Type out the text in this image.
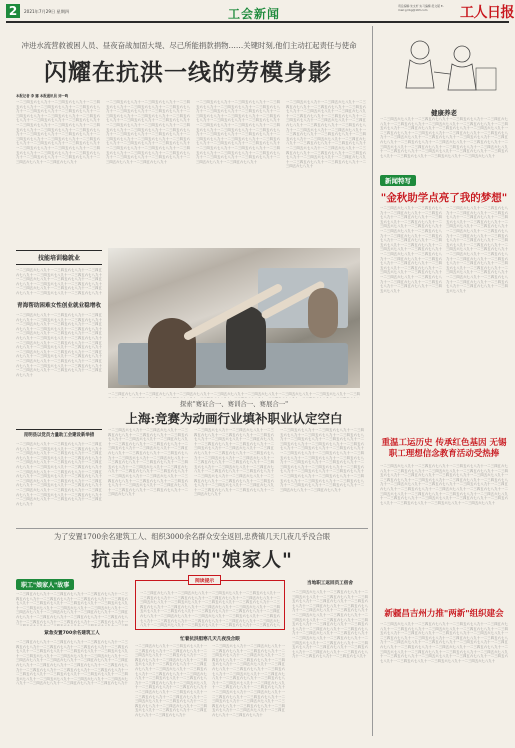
2	2021年7月29日 星期四	工会新闻
责任编辑:朱文轩 实习编辑:吴文韬 E-mail:grrbg@163.com	工人日报
冲进水流营救被困人员、昼夜奋战加固大堤、尽己所能捐款捐物……关键时刻,他们主动扛起责任与使命
闪耀在抗洪一线的劳模身影
本报记者 李 娜 本报通讯员 刘一鸣
一二三四五六七八九十一二三四五六七八九十一二三四五六七八九十一二三四五六七八九十一二三四五六七八九十一二三四五六七八九十一二三四五六七八九十一二三四五六七八九十一二三四五六七八九十一二三四五六七八九十一二三四五六七八九十一二三四五六七八九十一二三四五六七八九十一二三四五六七八九十一二三四五六七八九十一二三四五六七八九十一二三四五六七八九十一二三四五六七八九十一二三四五六七八九十一二三四五六七八九十一二三四五六七八九十一二三四五六七八九十一二三四五六七八九十一二三四五六七八九十一二三四五六七八九十一二三四五六七八九十一二三四五六七八九十一二三四五六七八九十一二三四五六七八九十一二三四五六七八九十一二三四五六七八九十一二三四五六七八九十一二三四五六七八九十
一二三四五六七八九十一二三四五六七八九十一二三四五六七八九十一二三四五六七八九十一二三四五六七八九十一二三四五六七八九十一二三四五六七八九十一二三四五六七八九十一二三四五六七八九十一二三四五六七八九十一二三四五六七八九十一二三四五六七八九十一二三四五六七八九十一二三四五六七八九十一二三四五六七八九十一二三四五六七八九十一二三四五六七八九十一二三四五六七八九十一二三四五六七八九十一二三四五六七八九十一二三四五六七八九十一二三四五六七八九十一二三四五六七八九十一二三四五六七八九十一二三四五六七八九十一二三四五六七八九十一二三四五六七八九十一二三四五六七八九十一二三四五六七八九十一二三四五六七八九十一二三四五六七八九十一二三四五六七八九十一二三四五六七八九十
一二三四五六七八九十一二三四五六七八九十一二三四五六七八九十一二三四五六七八九十一二三四五六七八九十一二三四五六七八九十一二三四五六七八九十一二三四五六七八九十一二三四五六七八九十一二三四五六七八九十一二三四五六七八九十一二三四五六七八九十一二三四五六七八九十一二三四五六七八九十一二三四五六七八九十一二三四五六七八九十一二三四五六七八九十一二三四五六七八九十一二三四五六七八九十一二三四五六七八九十一二三四五六七八九十一二三四五六七八九十一二三四五六七八九十一二三四五六七八九十一二三四五六七八九十一二三四五六七八九十一二三四五六七八九十一二三四五六七八九十一二三四五六七八九十一二三四五六七八九十一二三四五六七八九十一二三四五六七八九十一二三四五六七八九十
一二三四五六七八九十一二三四五六七八九十一二三四五六七八九十一二三四五六七八九十一二三四五六七八九十一二三四五六七八九十一二三四五六七八九十一二三四五六七八九十一二三四五六七八九十一二三四五六七八九十一二三四五六七八九十一二三四五六七八九十一二三四五六七八九十一二三四五六七八九十一二三四五六七八九十一二三四五六七八九十一二三四五六七八九十一二三四五六七八九十一二三四五六七八九十一二三四五六七八九十一二三四五六七八九十一二三四五六七八九十一二三四五六七八九十一二三四五六七八九十一二三四五六七八九十一二三四五六七八九十一二三四五六七八九十一二三四五六七八九十一二三四五六七八九十一二三四五六七八九十一二三四五六七八九十一二三四五六七八九十一二三四五六七八九十
技能培训稳就业
一二三四五六七八九十一二三四五六七八九十一二三四五六七八九十一二三四五六七八九十一二三四五六七八九十一二三四五六七八九十一二三四五六七八九十一二三四五六七八九十一二三四五六七八九十一二三四五六七八九十一二三四五六七八九十一二三四五六七八九十一二三四五六七八九十一二三四五六七八九十一二三四五六七八九十一二三四五六七八九十一二三四五六七八九十一二三四五六七八九十一二三四五六七八九十一二三四五六七八九十一二三四五六七八九十一二三四五六七八九十一二三四五六七八九十一二三四五六七八九十一二三四五六七八九十一二三四五六七八九十一二三四五六七八九十一二三四五六七八九十一二三四五六七八九十一二三四五六七八九十一二三四五六七八九十一二三四五六七八九十一二三四五六七八九十
青海帮助困难女性创业就业稳增收
一二三四五六七八九十一二三四五六七八九十一二三四五六七八九十一二三四五六七八九十一二三四五六七八九十一二三四五六七八九十一二三四五六七八九十一二三四五六七八九十一二三四五六七八九十一二三四五六七八九十一二三四五六七八九十一二三四五六七八九十一二三四五六七八九十一二三四五六七八九十一二三四五六七八九十一二三四五六七八九十一二三四五六七八九十一二三四五六七八九十一二三四五六七八九十一二三四五六七八九十一二三四五六七八九十一二三四五六七八九十一二三四五六七八九十一二三四五六七八九十一二三四五六七八九十一二三四五六七八九十一二三四五六七八九十一二三四五六七八九十一二三四五六七八九十一二三四五六七八九十一二三四五六七八九十一二三四五六七八九十一二三四五六七八九十
昆明县以党员力量助工会建设新举措
一二三四五六七八九十一二三四五六七八九十一二三四五六七八九十一二三四五六七八九十一二三四五六七八九十一二三四五六七八九十一二三四五六七八九十一二三四五六七八九十一二三四五六七八九十一二三四五六七八九十一二三四五六七八九十一二三四五六七八九十一二三四五六七八九十一二三四五六七八九十一二三四五六七八九十一二三四五六七八九十一二三四五六七八九十一二三四五六七八九十一二三四五六七八九十一二三四五六七八九十一二三四五六七八九十一二三四五六七八九十一二三四五六七八九十一二三四五六七八九十一二三四五六七八九十一二三四五六七八九十一二三四五六七八九十一二三四五六七八九十一二三四五六七八九十一二三四五六七八九十一二三四五六七八九十一二三四五六七八九十一二三四五六七八九十
一二三四五六七八九十一二三四五六七八九十一二三四五六七八九十一二三四五六七八九十一二三四五六七八九十一二三四五六七八九十一二三四五六七八九十一二三四五六七八九十一二三四五六七八九十一二三四五六七八九十一二三四五六七八九十一二三四五六七八九十一二三四五六七八九十一二三四五六七八九十一二三四五六七八九十一二三四五六七八九十一二三四五六七八九十一二三四五六七八九十一二三四五六七八九十一二三四五六七八九十一二三四五六七八九十一二三四五六七八九十一二三四五六七八九十一二三四五六七八九十一二三四五六七八九十一二三四五六七八九十一二三四五六七八九十一二三四五六七八九十一二三四五六七八九十一二三四五六七八九十一二三四五六七八九十一二三四五六七八九十一二三四五六七八九十
探索"赛证合一、赛训合一、赛展合一"
上海:竞赛为动画行业填补职业认定空白
一二三四五六七八九十一二三四五六七八九十一二三四五六七八九十一二三四五六七八九十一二三四五六七八九十一二三四五六七八九十一二三四五六七八九十一二三四五六七八九十一二三四五六七八九十一二三四五六七八九十一二三四五六七八九十一二三四五六七八九十一二三四五六七八九十一二三四五六七八九十一二三四五六七八九十一二三四五六七八九十一二三四五六七八九十一二三四五六七八九十一二三四五六七八九十一二三四五六七八九十一二三四五六七八九十一二三四五六七八九十一二三四五六七八九十一二三四五六七八九十一二三四五六七八九十一二三四五六七八九十一二三四五六七八九十一二三四五六七八九十一二三四五六七八九十一二三四五六七八九十一二三四五六七八九十一二三四五六七八九十一二三四五六七八九十
一二三四五六七八九十一二三四五六七八九十一二三四五六七八九十一二三四五六七八九十一二三四五六七八九十一二三四五六七八九十一二三四五六七八九十一二三四五六七八九十一二三四五六七八九十一二三四五六七八九十一二三四五六七八九十一二三四五六七八九十一二三四五六七八九十一二三四五六七八九十一二三四五六七八九十一二三四五六七八九十一二三四五六七八九十一二三四五六七八九十一二三四五六七八九十一二三四五六七八九十一二三四五六七八九十一二三四五六七八九十一二三四五六七八九十一二三四五六七八九十一二三四五六七八九十一二三四五六七八九十一二三四五六七八九十一二三四五六七八九十一二三四五六七八九十一二三四五六七八九十一二三四五六七八九十一二三四五六七八九十一二三四五六七八九十
一二三四五六七八九十一二三四五六七八九十一二三四五六七八九十一二三四五六七八九十一二三四五六七八九十一二三四五六七八九十一二三四五六七八九十一二三四五六七八九十一二三四五六七八九十一二三四五六七八九十一二三四五六七八九十一二三四五六七八九十一二三四五六七八九十一二三四五六七八九十一二三四五六七八九十一二三四五六七八九十一二三四五六七八九十一二三四五六七八九十一二三四五六七八九十一二三四五六七八九十一二三四五六七八九十一二三四五六七八九十一二三四五六七八九十一二三四五六七八九十一二三四五六七八九十一二三四五六七八九十一二三四五六七八九十一二三四五六七八九十一二三四五六七八九十一二三四五六七八九十一二三四五六七八九十一二三四五六七八九十一二三四五六七八九十
健康养老
一二三四五六七八九十一二三四五六七八九十一二三四五六七八九十一二三四五六七八九十一二三四五六七八九十一二三四五六七八九十一二三四五六七八九十一二三四五六七八九十一二三四五六七八九十一二三四五六七八九十一二三四五六七八九十一二三四五六七八九十一二三四五六七八九十一二三四五六七八九十一二三四五六七八九十一二三四五六七八九十一二三四五六七八九十一二三四五六七八九十一二三四五六七八九十一二三四五六七八九十一二三四五六七八九十一二三四五六七八九十一二三四五六七八九十一二三四五六七八九十一二三四五六七八九十一二三四五六七八九十一二三四五六七八九十一二三四五六七八九十一二三四五六七八九十一二三四五六七八九十一二三四五六七八九十一二三四五六七八九十一二三四五六七八九十
新闻特写
"金秋助学点亮了我的梦想"
一二三四五六七八九十一二三四五六七八九十一二三四五六七八九十一二三四五六七八九十一二三四五六七八九十一二三四五六七八九十一二三四五六七八九十一二三四五六七八九十一二三四五六七八九十一二三四五六七八九十一二三四五六七八九十一二三四五六七八九十一二三四五六七八九十一二三四五六七八九十一二三四五六七八九十一二三四五六七八九十一二三四五六七八九十一二三四五六七八九十一二三四五六七八九十一二三四五六七八九十一二三四五六七八九十一二三四五六七八九十一二三四五六七八九十一二三四五六七八九十一二三四五六七八九十一二三四五六七八九十一二三四五六七八九十一二三四五六七八九十一二三四五六七八九十一二三四五六七八九十一二三四五六七八九十一二三四五六七八九十一二三四五六七八九十
一二三四五六七八九十一二三四五六七八九十一二三四五六七八九十一二三四五六七八九十一二三四五六七八九十一二三四五六七八九十一二三四五六七八九十一二三四五六七八九十一二三四五六七八九十一二三四五六七八九十一二三四五六七八九十一二三四五六七八九十一二三四五六七八九十一二三四五六七八九十一二三四五六七八九十一二三四五六七八九十一二三四五六七八九十一二三四五六七八九十一二三四五六七八九十一二三四五六七八九十一二三四五六七八九十一二三四五六七八九十一二三四五六七八九十一二三四五六七八九十一二三四五六七八九十一二三四五六七八九十一二三四五六七八九十一二三四五六七八九十一二三四五六七八九十一二三四五六七八九十一二三四五六七八九十一二三四五六七八九十一二三四五六七八九十
重温工运历史 传承红色基因 无锡职工理想信念教育活动受热捧
一二三四五六七八九十一二三四五六七八九十一二三四五六七八九十一二三四五六七八九十一二三四五六七八九十一二三四五六七八九十一二三四五六七八九十一二三四五六七八九十一二三四五六七八九十一二三四五六七八九十一二三四五六七八九十一二三四五六七八九十一二三四五六七八九十一二三四五六七八九十一二三四五六七八九十一二三四五六七八九十一二三四五六七八九十一二三四五六七八九十一二三四五六七八九十一二三四五六七八九十一二三四五六七八九十一二三四五六七八九十一二三四五六七八九十一二三四五六七八九十一二三四五六七八九十一二三四五六七八九十一二三四五六七八九十一二三四五六七八九十一二三四五六七八九十一二三四五六七八九十一二三四五六七八九十一二三四五六七八九十一二三四五六七八九十
新疆昌吉州力推"两新"组织建会
一二三四五六七八九十一二三四五六七八九十一二三四五六七八九十一二三四五六七八九十一二三四五六七八九十一二三四五六七八九十一二三四五六七八九十一二三四五六七八九十一二三四五六七八九十一二三四五六七八九十一二三四五六七八九十一二三四五六七八九十一二三四五六七八九十一二三四五六七八九十一二三四五六七八九十一二三四五六七八九十一二三四五六七八九十一二三四五六七八九十一二三四五六七八九十一二三四五六七八九十一二三四五六七八九十一二三四五六七八九十一二三四五六七八九十一二三四五六七八九十一二三四五六七八九十一二三四五六七八九十一二三四五六七八九十一二三四五六七八九十一二三四五六七八九十一二三四五六七八九十一二三四五六七八九十一二三四五六七八九十一二三四五六七八九十
为了安置1700余名建筑工人、组织3000余名群众安全返回,忠费镇几天几夜几乎没合眼
抗击台风中的"娘家人"
职工"娘家人"故事
一二三四五六七八九十一二三四五六七八九十一二三四五六七八九十一二三四五六七八九十一二三四五六七八九十一二三四五六七八九十一二三四五六七八九十一二三四五六七八九十一二三四五六七八九十一二三四五六七八九十一二三四五六七八九十一二三四五六七八九十一二三四五六七八九十一二三四五六七八九十一二三四五六七八九十一二三四五六七八九十一二三四五六七八九十一二三四五六七八九十一二三四五六七八九十一二三四五六七八九十一二三四五六七八九十一二三四五六七八九十一二三四五六七八九十一二三四五六七八九十一二三四五六七八九十一二三四五六七八九十一二三四五六七八九十一二三四五六七八九十一二三四五六七八九十一二三四五六七八九十一二三四五六七八九十一二三四五六七八九十一二三四五六七八九十
紧急安置700余名建筑工人
一二三四五六七八九十一二三四五六七八九十一二三四五六七八九十一二三四五六七八九十一二三四五六七八九十一二三四五六七八九十一二三四五六七八九十一二三四五六七八九十一二三四五六七八九十一二三四五六七八九十一二三四五六七八九十一二三四五六七八九十一二三四五六七八九十一二三四五六七八九十一二三四五六七八九十一二三四五六七八九十一二三四五六七八九十一二三四五六七八九十一二三四五六七八九十一二三四五六七八九十一二三四五六七八九十一二三四五六七八九十一二三四五六七八九十一二三四五六七八九十一二三四五六七八九十一二三四五六七八九十一二三四五六七八九十一二三四五六七八九十一二三四五六七八九十一二三四五六七八九十一二三四五六七八九十一二三四五六七八九十一二三四五六七八九十
一二三四五六七八九十一二三四五六七八九十一二三四五六七八九十一二三四五六七八九十一二三四五六七八九十一二三四五六七八九十一二三四五六七八九十一二三四五六七八九十一二三四五六七八九十一二三四五六七八九十一二三四五六七八九十一二三四五六七八九十一二三四五六七八九十一二三四五六七八九十一二三四五六七八九十一二三四五六七八九十一二三四五六七八九十一二三四五六七八九十一二三四五六七八九十一二三四五六七八九十一二三四五六七八九十一二三四五六七八九十一二三四五六七八九十一二三四五六七八九十一二三四五六七八九十一二三四五六七八九十一二三四五六七八九十一二三四五六七八九十一二三四五六七八九十一二三四五六七八九十一二三四五六七八九十一二三四五六七八九十一二三四五六七八九十
阅读提示
忙着抗洪胆寒几天几夜没合眼
一二三四五六七八九十一二三四五六七八九十一二三四五六七八九十一二三四五六七八九十一二三四五六七八九十一二三四五六七八九十一二三四五六七八九十一二三四五六七八九十一二三四五六七八九十一二三四五六七八九十一二三四五六七八九十一二三四五六七八九十一二三四五六七八九十一二三四五六七八九十一二三四五六七八九十一二三四五六七八九十一二三四五六七八九十一二三四五六七八九十一二三四五六七八九十一二三四五六七八九十一二三四五六七八九十一二三四五六七八九十一二三四五六七八九十一二三四五六七八九十一二三四五六七八九十一二三四五六七八九十一二三四五六七八九十一二三四五六七八九十一二三四五六七八九十一二三四五六七八九十一二三四五六七八九十一二三四五六七八九十一二三四五六七八九十
一二三四五六七八九十一二三四五六七八九十一二三四五六七八九十一二三四五六七八九十一二三四五六七八九十一二三四五六七八九十一二三四五六七八九十一二三四五六七八九十一二三四五六七八九十一二三四五六七八九十一二三四五六七八九十一二三四五六七八九十一二三四五六七八九十一二三四五六七八九十一二三四五六七八九十一二三四五六七八九十一二三四五六七八九十一二三四五六七八九十一二三四五六七八九十一二三四五六七八九十一二三四五六七八九十一二三四五六七八九十一二三四五六七八九十一二三四五六七八九十一二三四五六七八九十一二三四五六七八九十一二三四五六七八九十一二三四五六七八九十一二三四五六七八九十一二三四五六七八九十一二三四五六七八九十一二三四五六七八九十一二三四五六七八九十
当地职工返回员工宿舍
一二三四五六七八九十一二三四五六七八九十一二三四五六七八九十一二三四五六七八九十一二三四五六七八九十一二三四五六七八九十一二三四五六七八九十一二三四五六七八九十一二三四五六七八九十一二三四五六七八九十一二三四五六七八九十一二三四五六七八九十一二三四五六七八九十一二三四五六七八九十一二三四五六七八九十一二三四五六七八九十一二三四五六七八九十一二三四五六七八九十一二三四五六七八九十一二三四五六七八九十一二三四五六七八九十一二三四五六七八九十一二三四五六七八九十一二三四五六七八九十一二三四五六七八九十一二三四五六七八九十一二三四五六七八九十一二三四五六七八九十一二三四五六七八九十一二三四五六七八九十一二三四五六七八九十一二三四五六七八九十一二三四五六七八九十
